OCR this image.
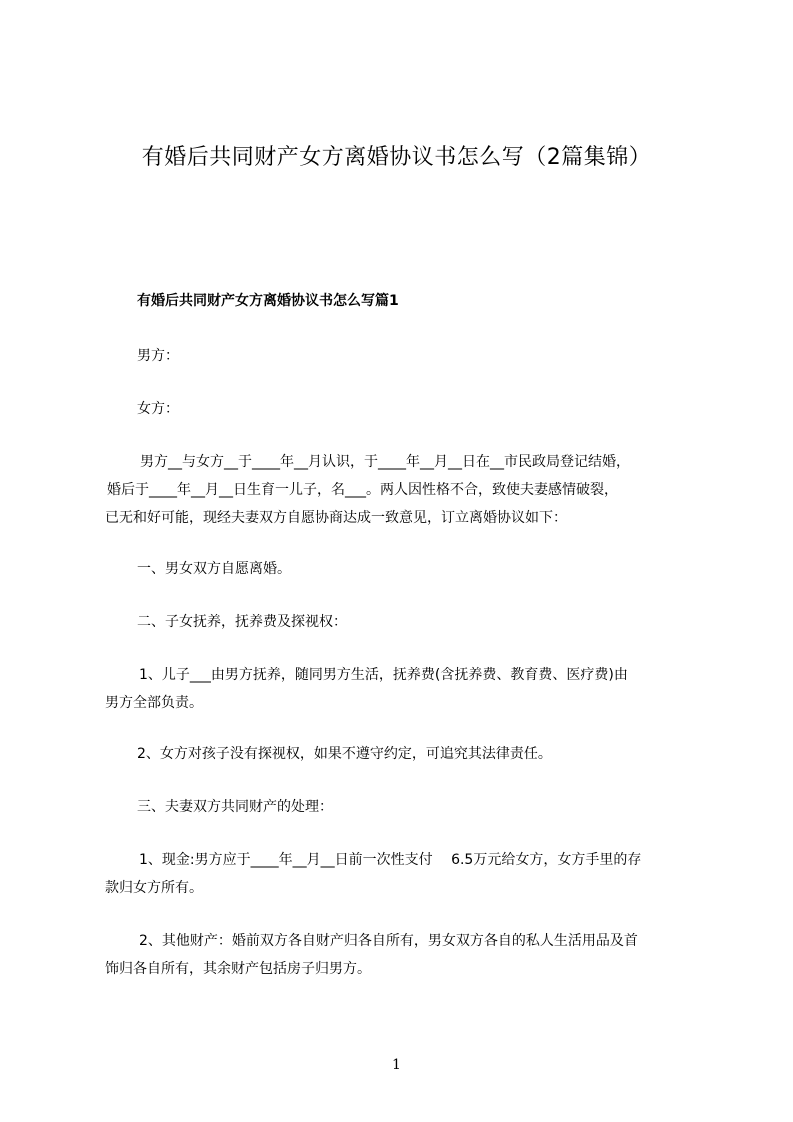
有婚后共同财产女方离婚协议书怎么写（2篇集锦）
有婚后共同财产女方离婚协议书怎么写篇1
男方：
女方：
男方__与女方__于____年__月认识，于____年__月__日在__市民政局登记结婚，
婚后于____年__月__日生育一儿子，名___。两人因性格不合，致使夫妻感情破裂，
已无和好可能，现经夫妻双方自愿协商达成一致意见，订立离婚协议如下：
一、男女双方自愿离婚。
二、子女抚养，抚养费及探视权：
1、儿子___由男方抚养，随同男方生活，抚养费(含抚养费、教育费、医疗费)由
男方全部负责。
2、女方对孩子没有探视权，如果不遵守约定，可追究其法律责任。
三、夫妻双方共同财产的处理：
1、现金:男方应于____年__月__日前一次性支付　 6.5万元给女方，女方手里的存
款归女方所有。
2、其他财产：婚前双方各自财产归各自所有，男女双方各自的私人生活用品及首
饰归各自所有，其余财产包括房子归男方。
1
